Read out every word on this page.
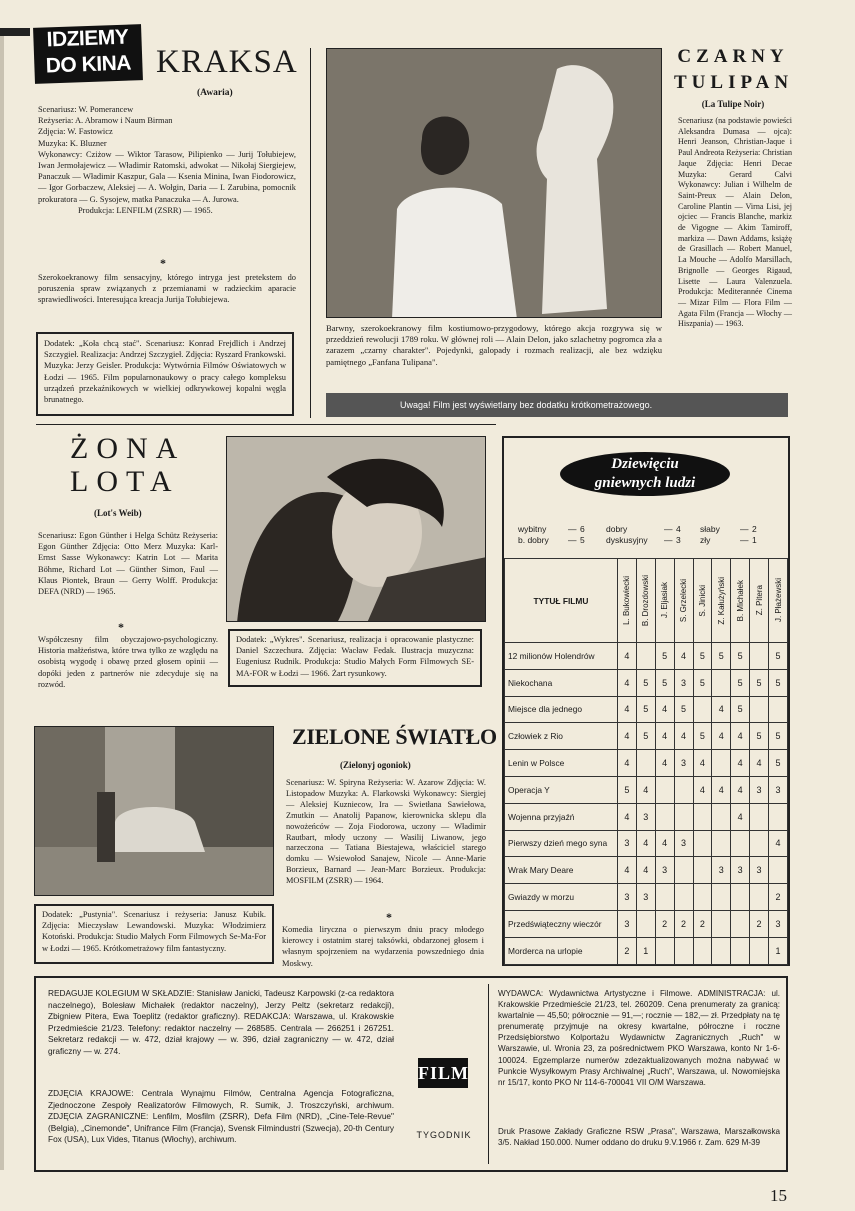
IDZIEMY
DO KINA KRAKSA
(Awaria)

Scenariusz: W. Pomerancew

Reżyseria: A. Abramow i Naum Birman

Zdjęcia: W. Fastowicz

Muzyka: K. Bluzner

Wykonawcy: Cziżow — Wiktor Tarasow, Pilipienko — Jurij Tołubiejew, Iwan Jermołajewicz — Władimir Ratomski, adwokat — Nikołaj Siergiejew, Panaczuk — Władimir Kaszpur, Gala — Ksenia Minina, Iwan Fiodorowicz, — Igor Gorbaczew, Aleksiej — A. Wołgin, Daria — I. Zarubina, pomocnik prokuratora — G. Sysojew, matka Panaczuka — A. Jurowa.

Produkcja: LENFILM (ZSRR) — 1965.

*
Szerokoekranowy film sensacyjny, którego intryga jest pretekstem do poruszenia spraw związanych z przemianami w radzieckim aparacie sprawiedliwości. Interesująca kreacja Jurija Tołubiejewa.
Dodatek: „Koła chcą stać". Scenariusz: Konrad Frejdlich i Andrzej Szczygieł. Realizacja: Andrzej Szczygieł. Zdjęcia: Ryszard Frankowski. Muzyka: Jerzy Geisler. Produkcja: Wytwórnia Filmów Oświatowych w Łodzi — 1965. Film popularnonaukowy o pracy całego kompleksu urządzeń przekaźnikowych w wielkiej odkrywkowej kopalni węgla brunatnego.
Barwny, szerokoekranowy film kostiumowo-przygodowy, którego akcja rozgrywa się w przeddzień rewolucji 1789 roku. W głównej roli — Alain Delon, jako szlachetny pogromca zła a zarazem „czarny charakter". Pojedynki, galopady i rozmach realizacji, ale bez wdzięku pamiętnego „Fanfana Tulipana".
Uwaga! Film jest wyświetlany bez dodatku krótkometrażowego.
CZARNY
TULIPAN
(La Tulipe Noir)
Scenariusz (na podstawie powieści Aleksandra Dumasa — ojca): Henri Jeanson, Christian-Jaque i Paul Andreota Reżyseria: Christian Jaque Zdjęcia: Henri Decae Muzyka: Gerard Calvi Wykonawcy: Julian i Wilhelm de Saint-Preux — Alain Delon, Caroline Plantin — Virna Lisi, jej ojciec — Francis Blanche, markiz de Vigogne — Akim Tamiroff, markiza — Dawn Addams, książę de Grasillach — Robert Manuel, La Mouche — Adolfo Marsillach, Brignolle — Georges Rigaud, Lisette — Laura Valenzuela. Produkcja: Mediterannée Cinema — Mizar Film — Flora Film — Agata Film (Francja — Włochy — Hiszpania) — 1963.
ŻONA
LOTA
(Lot's Weib)
Scenariusz: Egon Günther i Helga Schütz Reżyseria: Egon Günther Zdjęcia: Otto Merz Muzyka: Karl-Ernst Sasse Wykonawcy: Katrin Lot — Marita Böhme, Richard Lot — Günther Simon, Faul — Klaus Piontek, Braun — Gerry Wolff. Produkcja: DEFA (NRD) — 1965.
*
Współczesny film obyczajowo-psychologiczny. Historia małżeństwa, które trwa tylko ze względu na osobistą wygodę i obawę przed głosem opinii — dopóki jeden z partnerów nie zdecyduje się na rozwód.
Dodatek: „Wykres". Scenariusz, realizacja i opracowanie plastyczne: Daniel Szczechura. Zdjęcia: Wacław Fedak. Ilustracja muzyczna: Eugeniusz Rudnik. Produkcja: Studio Małych Form Filmowych SE-MA-FOR w Łodzi — 1966. Żart rysunkowy.
ZIELONE ŚWIATŁO
(Zielonyj ogoniok)
Scenariusz: W. Spiryna Reżyseria: W. Azarow Zdjęcia: W. Listopadow Muzyka: A. Flarkowski Wykonawcy: Siergiej — Aleksiej Kuzniecow, Ira — Swietłana Sawiełowa, Zmutkin — Anatolij Papanow, kierownicka sklepu dla nowożeńców — Zoja Fiodorowa, uczony — Władimir Rautbart, młody uczony — Wasilij Liwanow, jego narzeczona — Tatiana Biestajewa, właściciel starego domku — Wsiewołod Sanajew, Nicole — Anne-Marie Borzieux, Barnard — Jean-Marc Borzieux. Produkcja: MOSFILM (ZSRR) — 1964.
*
Komedia liryczna o pierwszym dniu pracy młodego kierowcy i ostatnim starej taksówki, obdarzonej głosem i własnym spojrzeniem na wydarzenia powszedniego dnia Moskwy.
Dodatek: „Pustynia". Scenariusz i reżyseria: Janusz Kubik. Zdjęcia: Mieczysław Lewandowski. Muzyka: Włodzimierz Kotoński. Produkcja: Studio Małych Form Filmowych Se-Ma-For w Łodzi — 1965. Krótkometrażowy film fantastyczny.
Dziewięciu
gniewnych ludzi
wybitny	— 6	dobry	— 4	słaby	— 2
b. dobry	— 5	dyskusyjny	— 3	zły	— 1
TYTUŁ FILMU	L. Bukowiecki	B. Drozdowski	J. Eljasiak	S. Grzelecki	S. Jinicki	Z. Kałużyński	B. Michałek	Z. Pitera	J. Płażewski

12 milionów Holendrów	4		5	4	5	5	5		5
Niekochana	4	5	5	3	5		5	5	5
Miejsce dla jednego	4	5	4	5		4	5		
Człowiek z Rio	4	5	4	4	5	4	4	5	5
Lenin w Polsce	4		4	3	4		4	4	5
Operacja Y	5	4			4	4	4	3	3
Wojenna przyjaźń	4	3					4		
Pierwszy dzień mego syna	3	4	4	3					4
Wrak Mary Deare	4	4	3			3	3	3	
Gwiazdy w morzu	3	3							2
Przedświąteczny wieczór	3		2	2	2			2	3
Morderca na urlopie	2	1							1
REDAGUJE KOLEGIUM W SKŁADZIE: Stanisław Janicki, Tadeusz Karpowski (z-ca redaktora naczelnego), Bolesław Michałek (redaktor naczelny), Jerzy Peltz (sekretarz redakcji), Zbigniew Pitera, Ewa Toeplitz (redaktor graficzny). REDAKCJA: Warszawa, ul. Krakowskie Przedmieście 21/23. Telefony: redaktor naczelny — 268585. Centrala — 266251 i 267251. Sekretarz redakcji — w. 472, dział krajowy — w. 396, dział zagraniczny — w. 472, dział graficzny — w. 274.
ZDJĘCIA KRAJOWE: Centrala Wynajmu Filmów, Centralna Agencja Fotograficzna, Zjednoczone Zespoły Realizatorów Filmowych, R. Sumik, J. Troszczyński, archiwum. ZDJĘCIA ZAGRANICZNE: Lenfilm, Mosfilm (ZSRR), Defa Film (NRD), „Cine-Tele-Revue" (Belgia), „Cinemonde", Unifrance Film (Francja), Svensk Filmindustri (Szwecja), 20-th Century Fox (USA), Lux Vides, Titanus (Włochy), archiwum.
FILM
TYGODNIK
WYDAWCA: Wydawnictwa Artystyczne i Filmowe. ADMINISTRACJA: ul. Krakowskie Przedmieście 21/23, tel. 260209. Cena prenumeraty za granicą: kwartalnie — 45,50; półrocznie — 91,—; rocznie — 182,— zł. Przedpłaty na tę prenumeratę przyjmuje na okresy kwartalne, półroczne i roczne Przedsiębiorstwo Kolportażu Wydawnictw Zagranicznych „Ruch" w Warszawie, ul. Wronia 23, za pośrednictwem PKO Warszawa, konto Nr 1-6-100024. Egzemplarze numerów zdezaktualizowanych można nabywać w Punkcie Wysyłkowym Prasy Archiwalnej „Ruch", Warszawa, ul. Nowomiejska nr 15/17, konto PKO Nr 114-6-700041 VII O/M Warszawa.
Druk Prasowe Zakłady Graficzne RSW „Prasa", Warszawa, Marszałkowska 3/5. Nakład 150.000. Numer oddano do druku 9.V.1966 r. Zam. 629 M-39
15
